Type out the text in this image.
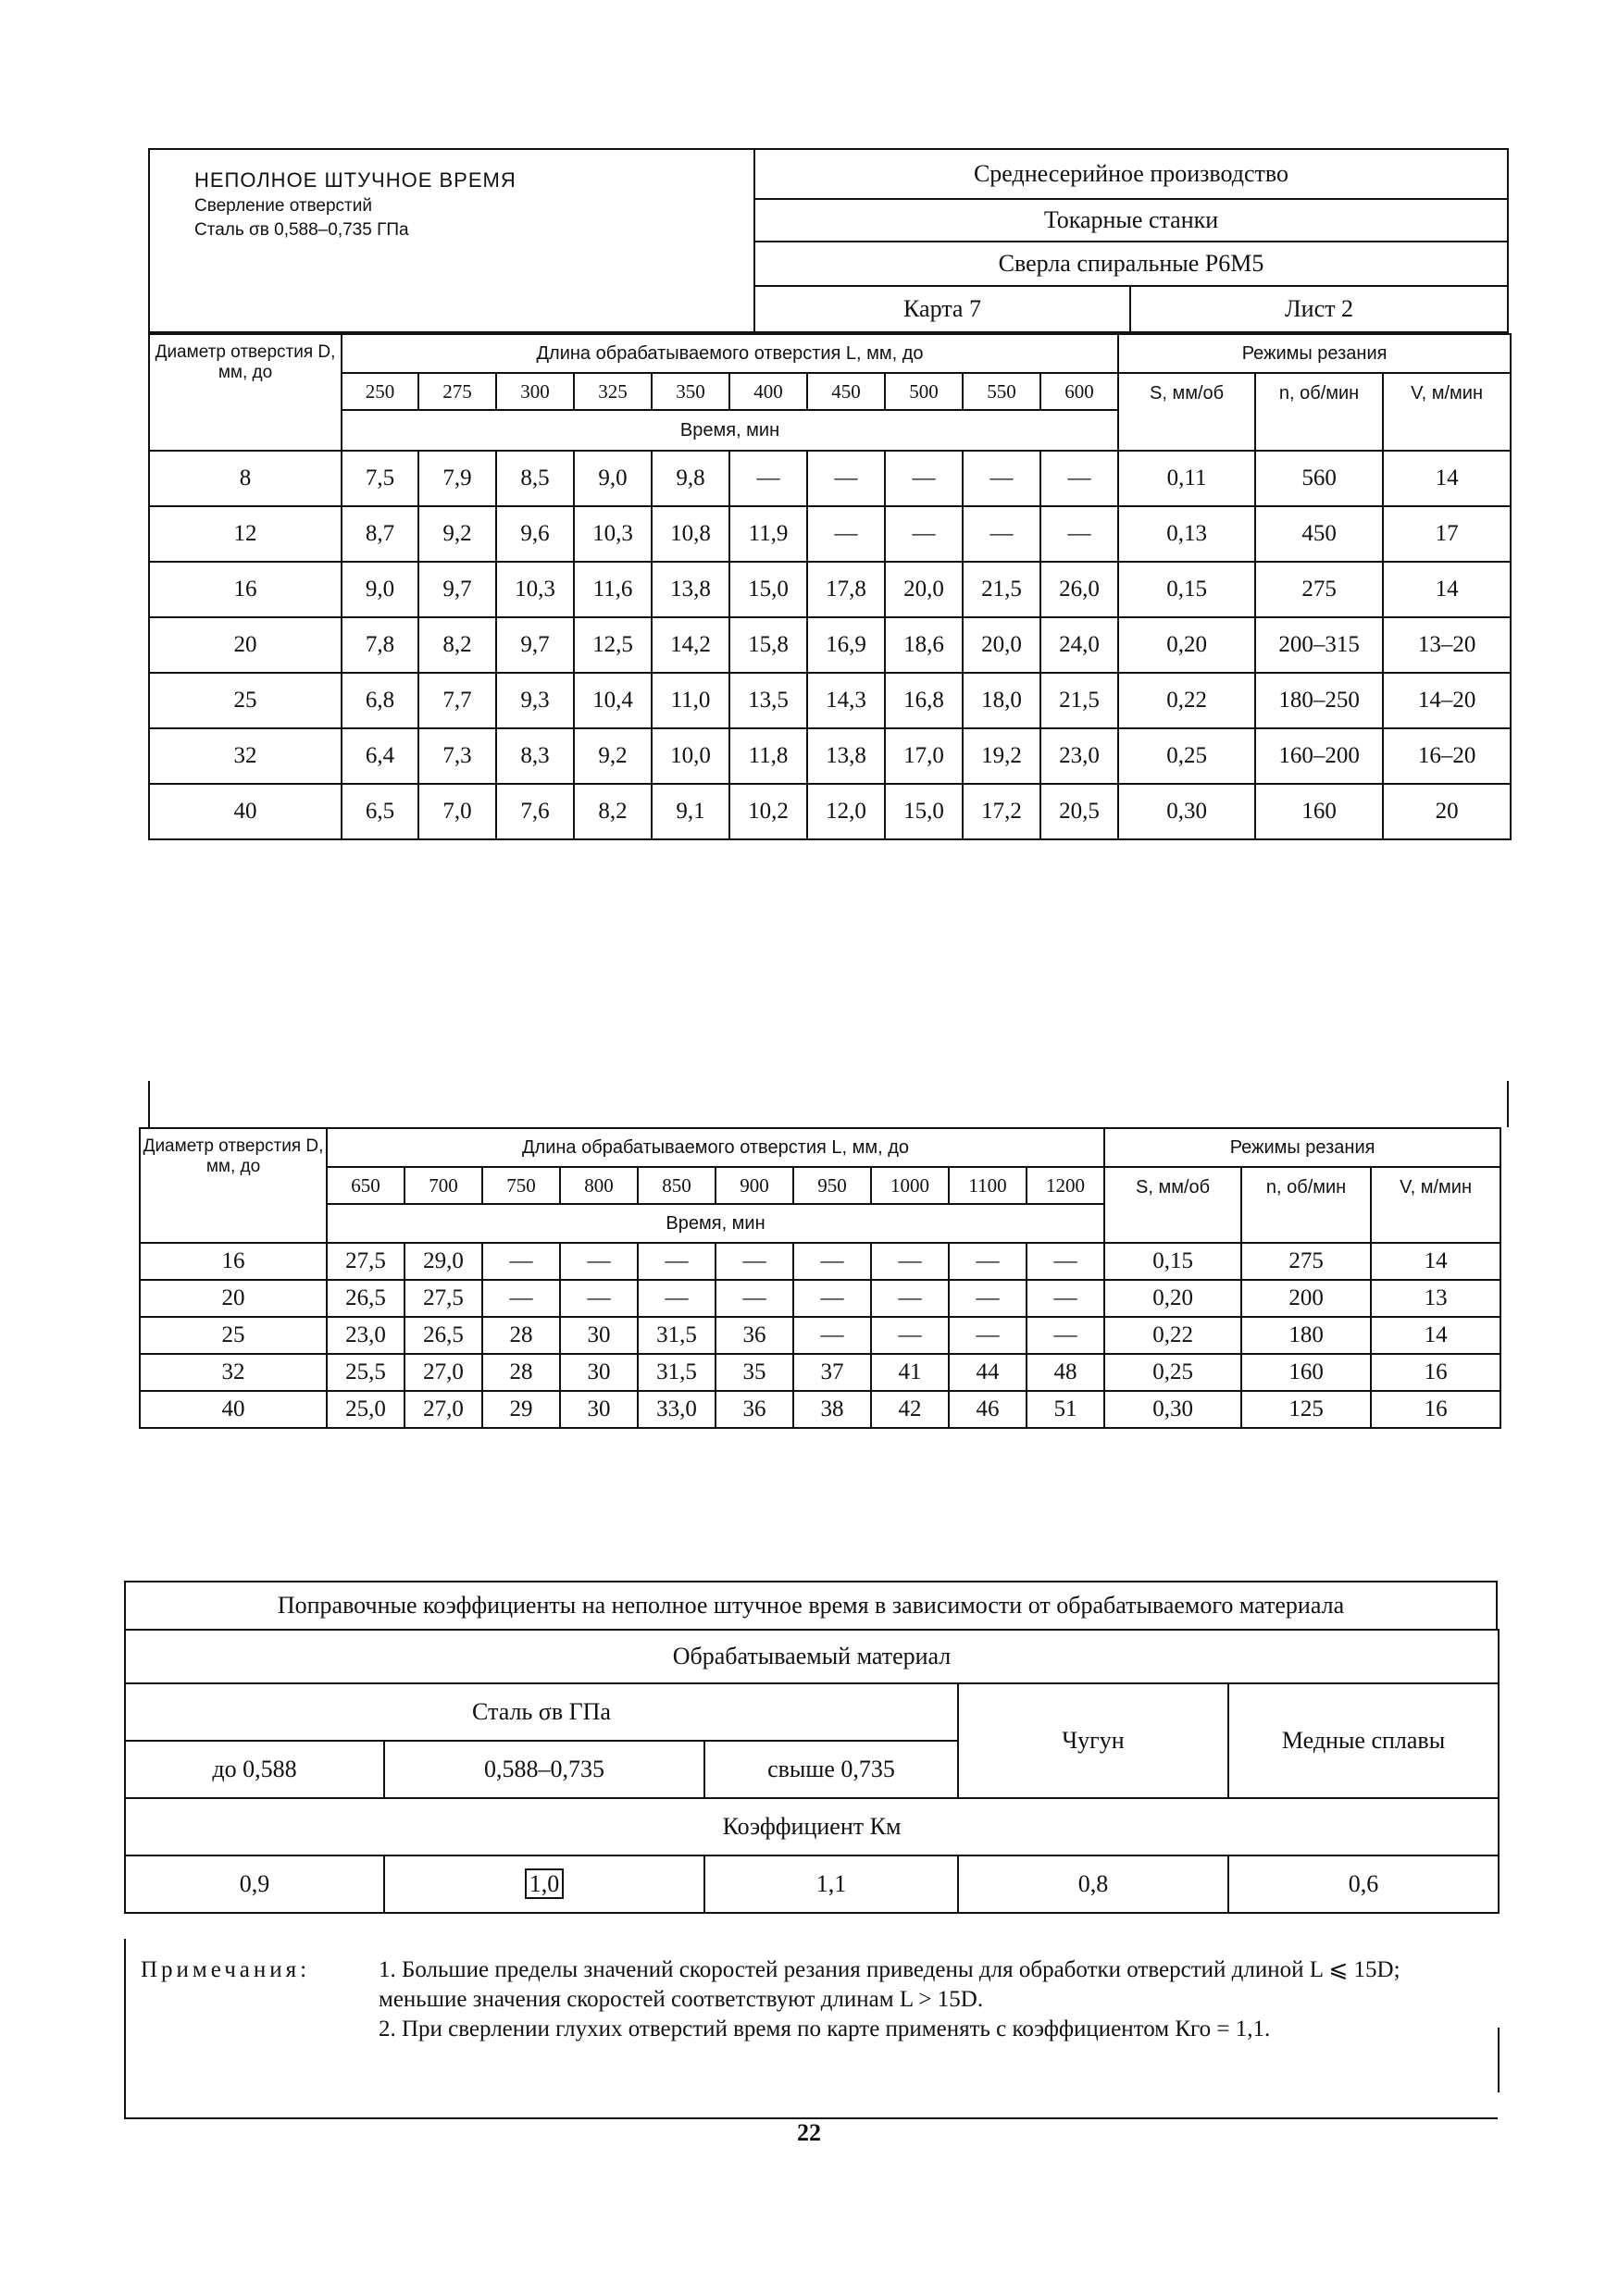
НЕПОЛНОЕ ШТУЧНОЕ ВРЕМЯ
Сверление отверстий
Сталь σв 0,588–0,735 ГПа
Среднесерийное производство
Токарные станки
Сверла спиральные Р6М5
Карта 7	Лист 2
Диаметр отверстия D, мм, до	Длина обрабатываемого отверстия L, мм, до										Режимы резания		
	250	275	300	325	350	400	450	500	550	600	S, мм/об	n, об/мин	V, м/мин
	Время, мин												
8	7,5	7,9	8,5	9,0	9,8	—	—	—	—	—	0,11	560	14
12	8,7	9,2	9,6	10,3	10,8	11,9	—	—	—	—	0,13	450	17
16	9,0	9,7	10,3	11,6	13,8	15,0	17,8	20,0	21,5	26,0	0,15	275	14
20	7,8	8,2	9,7	12,5	14,2	15,8	16,9	18,6	20,0	24,0	0,20	200–315	13–20
25	6,8	7,7	9,3	10,4	11,0	13,5	14,3	16,8	18,0	21,5	0,22	180–250	14–20
32	6,4	7,3	8,3	9,2	10,0	11,8	13,8	17,0	19,2	23,0	0,25	160–200	16–20
40	6,5	7,0	7,6	8,2	9,1	10,2	12,0	15,0	17,2	20,5	0,30	160	20
Диаметр отверстия D, мм, до	Длина обрабатываемого отверстия L, мм, до										Режимы резания		
	650	700	750	800	850	900	950	1000	1100	1200	S, мм/об	n, об/мин	V, м/мин
	Время, мин												
16	27,5	29,0	—	—	—	—	—	—	—	—	0,15	275	14
20	26,5	27,5	—	—	—	—	—	—	—	—	0,20	200	13
25	23,0	26,5	28	30	31,5	36	—	—	—	—	0,22	180	14
32	25,5	27,0	28	30	31,5	35	37	41	44	48	0,25	160	16
40	25,0	27,0	29	30	33,0	36	38	42	46	51	0,30	125	16
Поправочные коэффициенты на неполное штучное время в зависимости от обрабатываемого материала
Обрабатываемый материал				
Сталь σв ГПа			Чугун	Медные сплавы
до 0,588	0,588–0,735	свыше 0,735		
Коэффициент Км				
0,9	1,0	1,1	0,8	0,6
Примечания:	1. Большие пределы значений скоростей резания приведены для обработки отверстий длиной L ⩽ 15D; меньшие значения скоростей соответствуют длинам L > 15D.
2. При сверлении глухих отверстий время по карте применять с коэффициентом Кго = 1,1.
22
